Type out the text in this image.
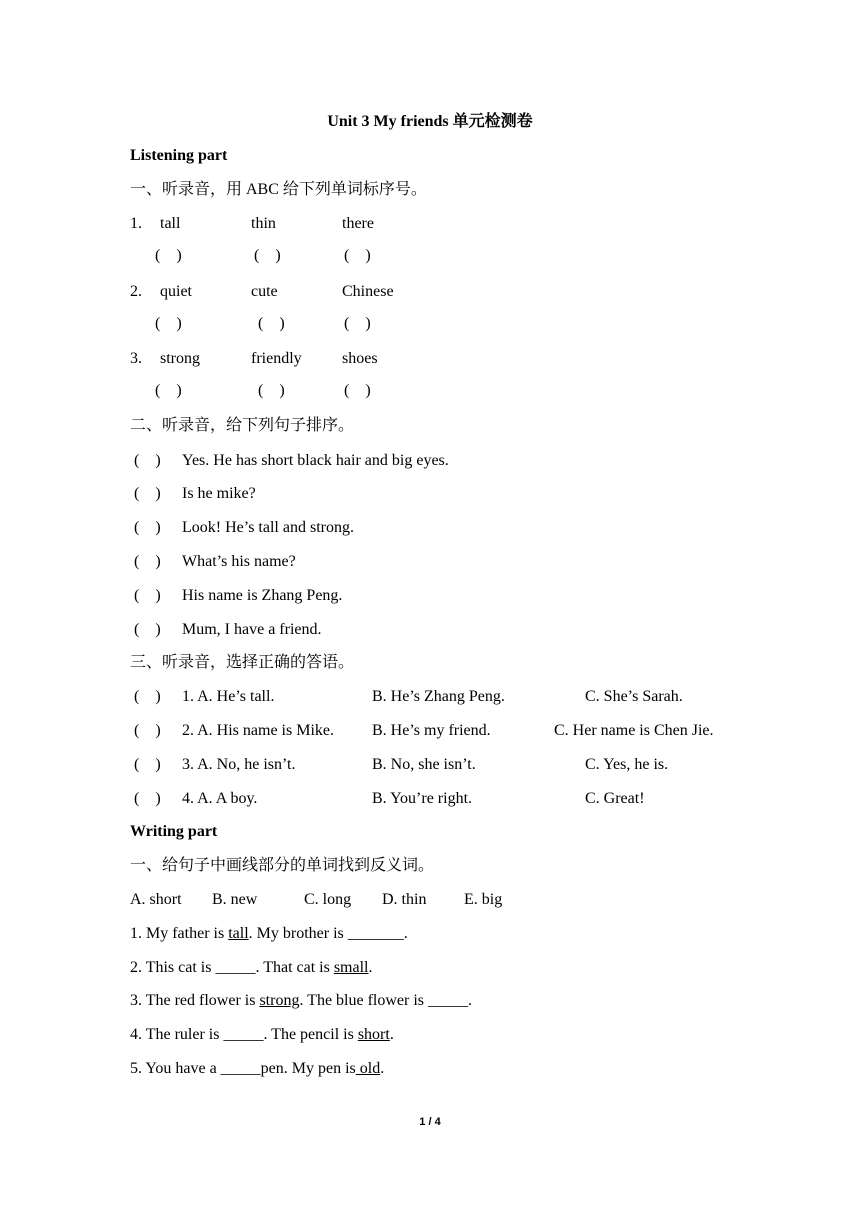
Unit 3 My friends 单元检测卷
Listening part
一、听录音，用 ABC 给下列单词标序号。
1. tall	thin	there
(    )	(    )	(    )
2. quiet	cute	Chinese
(    )	(    )	(    )
3. strong	friendly	shoes
(    )	(    )	(    )
二、听录音，给下列句子排序。
(    ) Yes. He has short black hair and big eyes.
(    ) Is he mike?
(    ) Look! He’s tall and strong.
(    ) What’s his name?
(    ) His name is Zhang Peng.
(    ) Mum, I have a friend.
三、听录音，选择正确的答语。
(    ) 1. A. He’s tall.	B. He’s Zhang Peng.	C. She’s Sarah.
(    ) 2. A. His name is Mike. B. He’s my friend.	C. Her name is Chen Jie.
(    ) 3. A. No, he isn’t.	B. No, she isn’t.	C. Yes, he is.
(    ) 4. A. A boy.	B. You’re right.	C. Great!
Writing part
一、给句子中画线部分的单词找到反义词。
A. short B. new	C. long D. thin E. big
1. My father is tall. My brother is _______.
2. This cat is _____. That cat is small.
3. The red flower is strong. The blue flower is _____.
4. The ruler is _____. The pencil is short.
5. You have a _____pen. My pen is old.
1 / 4
